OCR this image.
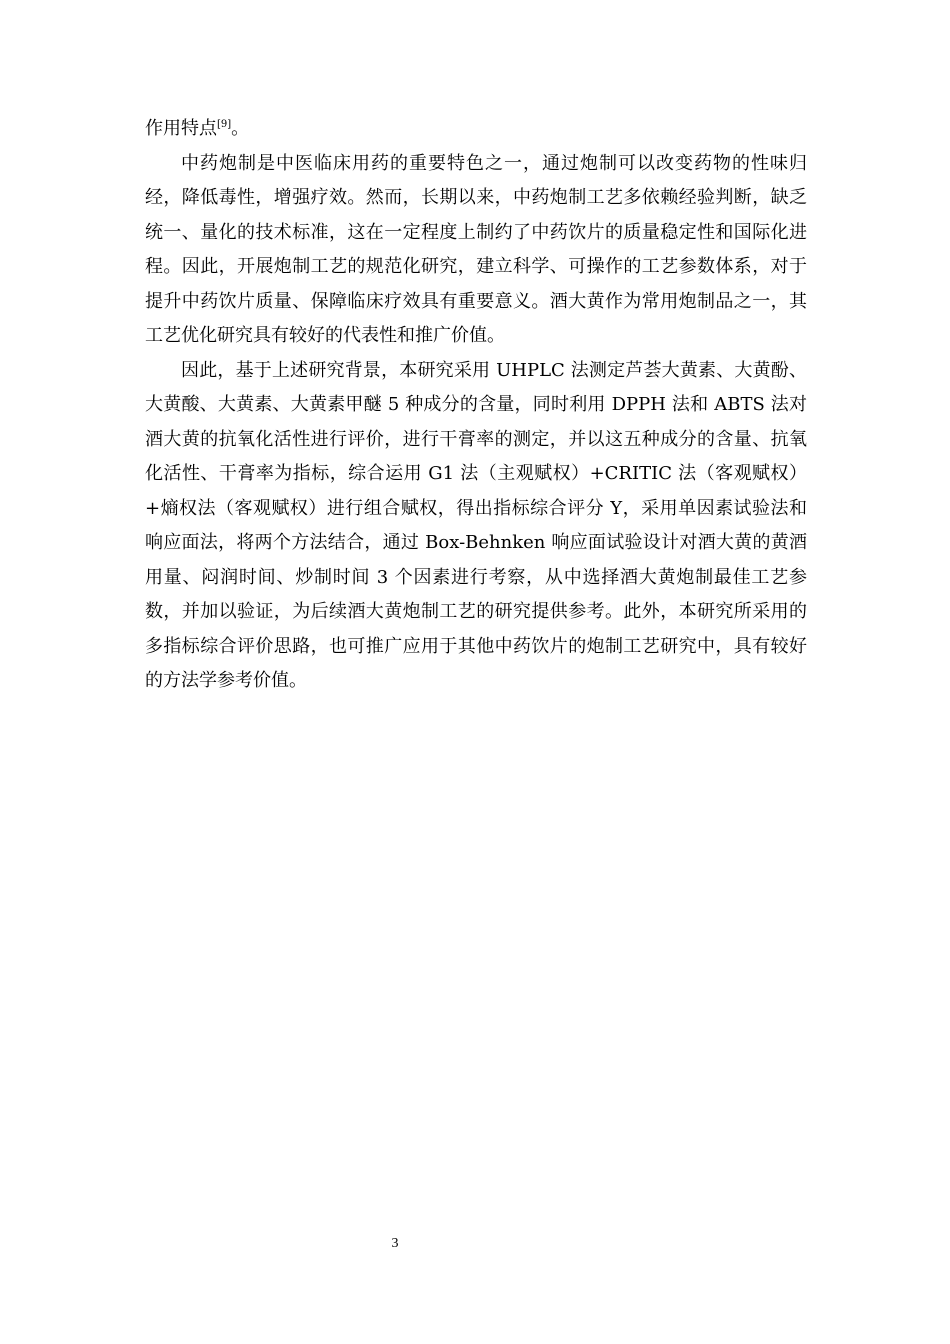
作用特点[9]。

中药炮制是中医临床用药的重要特色之一，通过炮制可以改变药物的性味归经，降低毒性，增强疗效。然而，长期以来，中药炮制工艺多依赖经验判断，缺乏统一、量化的技术标准，这在一定程度上制约了中药饮片的质量稳定性和国际化进程。因此，开展炮制工艺的规范化研究，建立科学、可操作的工艺参数体系，对于提升中药饮片质量、保障临床疗效具有重要意义。酒大黄作为常用炮制品之一，其工艺优化研究具有较好的代表性和推广价值。

因此，基于上述研究背景，本研究采用 UHPLC 法测定芦荟大黄素、大黄酚、大黄酸、大黄素、大黄素甲醚 5 种成分的含量，同时利用 DPPH 法和 ABTS 法对酒大黄的抗氧化活性进行评价，进行干膏率的测定，并以这五种成分的含量、抗氧化活性、干膏率为指标，综合运用 G1 法（主观赋权）+CRITIC 法（客观赋权）+熵权法（客观赋权）进行组合赋权，得出指标综合评分 Y，采用单因素试验法和响应面法，将两个方法结合，通过 Box-Behnken 响应面试验设计对酒大黄的黄酒用量、闷润时间、炒制时间 3 个因素进行考察，从中选择酒大黄炮制最佳工艺参数，并加以验证，为后续酒大黄炮制工艺的研究提供参考。此外，本研究所采用的多指标综合评价思路，也可推广应用于其他中药饮片的炮制工艺研究中，具有较好的方法学参考价值。

3
